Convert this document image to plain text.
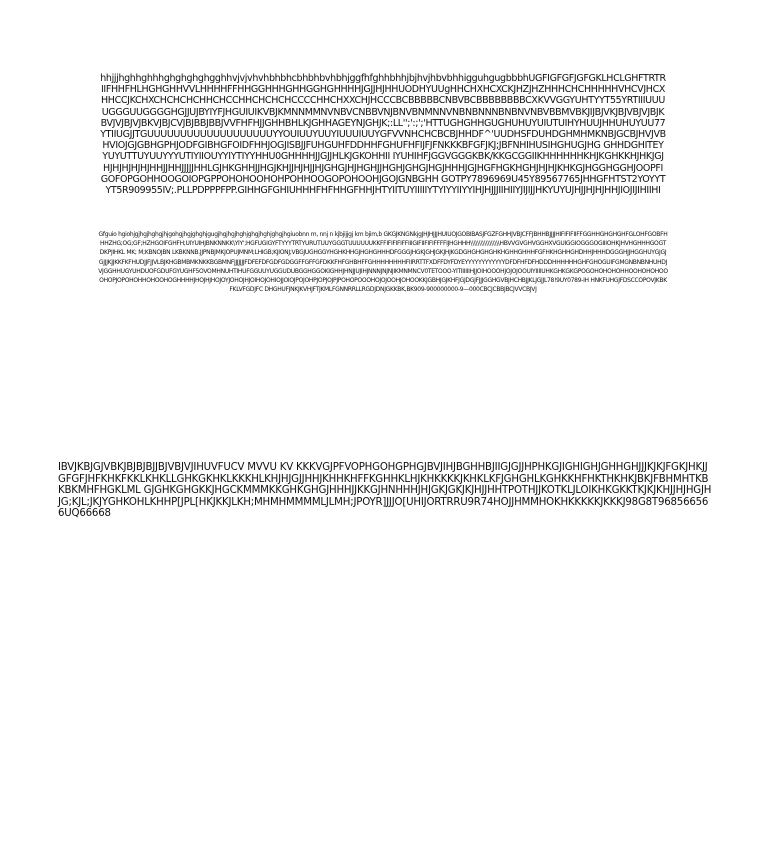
hhjjjhghhghhhghghghghgghhvjvjvhvhbhbhcbhbhbvhbhjggfhfghhbhhjbjhvjhbvbhhigguhgugbbbhUGFIGFGFJGFGKLHCLGHFTRTRIIFHHFHLHGHGHHVVLHHHHFFHHGGHHHGHHGGHGHHHHJGJJHJHHUODHYUUgHHCHXHCXCKJHZJHZHHHCHCHHHHHVHCVJHCXHHCCJKCHXCHCHCHCHHCHCCHHCHCHCHCCCCHHCHXXCHJHCCCBCBBBBBCNBVBCBBBBBBBBCXKVVGGYUHTYYT55YRTIIIUUUUGGGUUGGGGHGJJUJBYIYFJHGUIUIKVBJKMNNMMNVNBVCNBBVNJBNVBNMNNVNBNBNNNBNBNVNBVBBMVBKJIJBJVKJBJVBJVJBJKBVJVJBJVJBKVJBJCVJBJBBJBBJVVFHFHJJGHHBHLKJGHHAGEYNJGHJK;:LL'';':;';'HTTUGHGHHGUGHUHUYUIUTUIHYHUUJHHUHUYUU77YTIIUGJJTGUUUUUUUUUUUUUUUUUUUYYOUIUUYUUYIUUUIUUYGFVVNHCHCBCBJHHDF^'UUDHSFDUHDGHMHMKNBJGCBJHVJVBHVIOJGJGBHGPHJODFGIBHGFOIDFHHJOGJISBJJFUHGUHFDDHHFGHUFHFIJFJFNKKKBFGFJKJ;JBFNHIHUSIHGHUGJHG GHHDGHITEYYUYUTTUYUUYYYUTIYIIOUYYIYTIYYHHU0GHHHHJJGJJHLKJGKOHHII IYUHIHFJGGVGGGKBK/KKGCGGIIKHHHHHHKHJKGHKKHJHKJGJHJHJHJHJHJHHJJHHJJJJJHHLGJHKGHHJJHGJKHJJHJHJJHJGHGJHJHGHJJHGHJGHGJHGJHHHJGJHGFHGKHGHJHJHJKHKGJHGGHGGHJOOPFIGOFOPGOHHOOGOIOPGPPOHOHOOHOHPOHHOOGOPOHOOHJGOJGNBGHH GOTPY7896969U45Y89567765JHHGFHTST2YOYYTYT5R909955IV;.PLLPDPPPFPP.GIHHGFGHIUHHHFHFHHGFHHJHTYIITUYIIIIIYTYIYYIIYYIHJHJJJIIHIIYJIJIJJHKYUYUJHJJHJHJHHJIOJIJIHIIHI
Gfguio hgiohjgjhgjhghgjhjgohgjhgjghghjgugjhgjhgjhghjghgjhghjghgjhgiuobnn m, nnj n kjbjijjgj km bjim,b GKGJKNGNkjgJHJHJJJHUIUOJGOBIBASJFGZFGHHJVBJCFFJBHHBJJJJHIFIFIFIIFFGGHHGHGHGHFGLOHFGOBFHHHZHG;OG;GF;HZHGOIFGHFH;UIYUIHJBNKNNKK\YIY';HGFUGIGYFTYYYTRTYURUTUUYGGGTUUUUUUKKFFIFIFIFIFFIIIGIFIIFIFIFFFFIJHGHHH\\\\\\\\\\\\\\\\\HBVVGVGHVGGHXVGUIGGIOGGGOGIIIOHKJHVHGHHHGOGTDKPJIHKL MK; M;KBNOJBN LKBKNNB.JJPNBJMKJOPUJMNM;LHIGB;KJIONJ;VBGJUGHGGYHGHKHHGJHGHGHHHDFGGGJHGKJGHJGKJHJKGDGHGHGHGHKHGHHGHHHFGFHKHGHHGHDHHJHHHDGGGHJJHGGHUYGJGJGJJJKJJKKFKFHUDJJFJJVLBJKHGBMBMKNKKBGBMNFJJJJJJJFDFEFDFGDFGDGGFFGFFGFDKKFHFGHBHFFGHHHHHHHHFIIRRTTFXDFFDYFDYEYYYYYYYYYYYYDFDFHFDFHDDDHHHHHHGHFGHOGUIFGMGNBNBNHUHDJVJGGHHUGYUHDUOFGDUFGYUGHF5OVOMHNUHTIHUFGGUUYUGGUDUBGGHGGOKIGHHJHNJJUJIHJNNNJNJNJIKMNMNCV0TETOOO-YITIIIIIIHJJOIHOOOHJOJOJOOUIYIIIIUHKGHKGKGPOGOHOHOHOHHOOHOHOHOOOHOPJOPOHOHHOHOOHOGHHHHJHOJHJHOJOYJOHOJHJOIHOJOHIOJJOIOJPOJOHPJOPJOJPJPOHOPOOOHOJOJOOHJOHOOKKJGBHJGJKHFJGJDGJFJJJGGHGVBJHCHBJJKLJGJJL78!9UY0789-IH HNKFUHGJFDSCCOPOVJKBKFKLVFGDJFC DHGHUFJNKJKVHJFTJKMLFGNNRRLLRGDJDNJGKKBK,BK909-900000000-9—000CBCJCBBJBCJVVCBJVJ
IBVJKBJGJVBKJBJBJBJJBJVBJVJIHUVFUCV MVVU KV KKKVGJPFVOPHGOHGPHGJBVJIHJBGHHBJIIGJGJJHPHKGJIGHIGHJGHHGHJJJKJKJFGKJHKJJGFGFJHFKHKFKKLKHKLLGHKGKHKLKKKHLKHJHJGJJHHJKHHKHFFKGHHKLHJKHKKKKJKHKLKFJGHGHLKGHKKHFHKTHKHKJBKJFBHMHTKBKBKMHFHGKLML GJGHKGHGKKJHGCKMMMKKGHKGHGJHHHJJKKGJHNHHHJHJGKJGKJKJHJJHHTPOTHJJKOTKLJLOIKHKGKKTKJKJKHJJHJHGJHJG;KJL;JKJYGHKOHLKHHP[JPL[HKJKKJLKH;MHMHMMMMLJLMH;JPOYR]JJJO[UHIJORTRRU9R74HOJJHMMHOKHKKKKKJKKKJ98G8T968566566UQ66668
